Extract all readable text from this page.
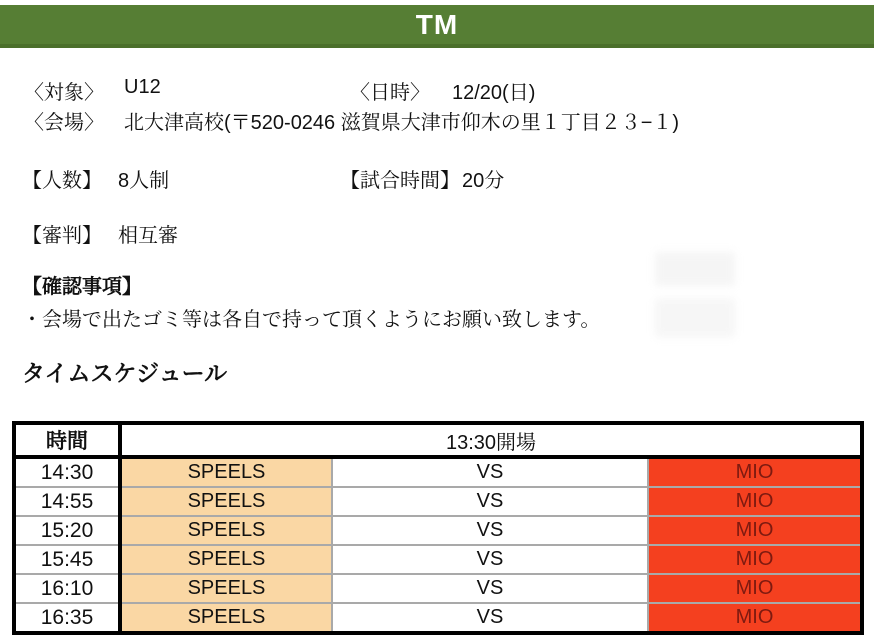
TM
〈対象〉 U12	〈日時〉 12/20(日)
〈会場〉 北大津高校(〒520-0246 滋賀県大津市仰木の里１丁目２３−１)
【人数】 8人制	【試合時間】 20分
【審判】 相互審
【確認事項】
・会場で出たゴミ等は各自で持って頂くようにお願い致します。
タイムスケジュール
時間	13:30開場		
14:30	SPEELS	VS	MIO
14:55	SPEELS	VS	MIO
15:20	SPEELS	VS	MIO
15:45	SPEELS	VS	MIO
16:10	SPEELS	VS	MIO
16:35	SPEELS	VS	MIO
